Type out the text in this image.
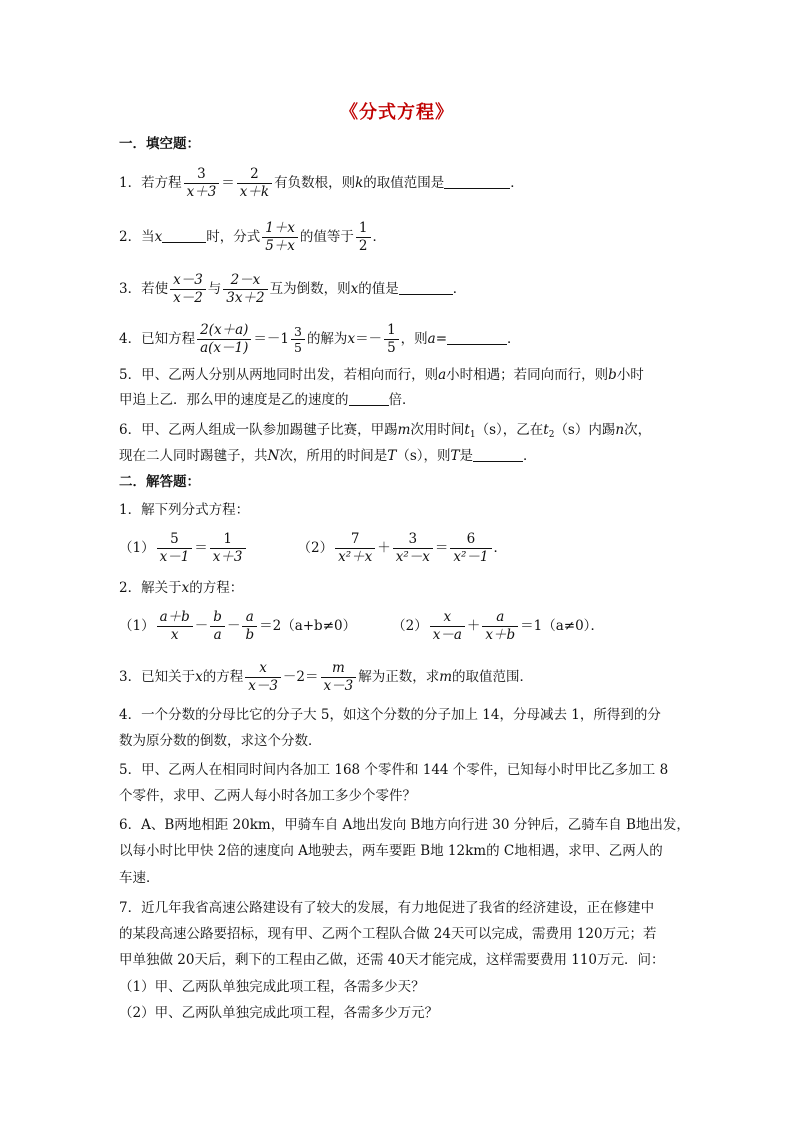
《分式方程》
一．填空题：
1．若方程 $\frac{3}{x+3} = \frac{2}{x+k}$ 有负数根，则k的取值范围是	．
2．当x	时，分式 $\frac{1+x}{5+x}$ 的值等于 $\frac{1}{2}$ ．
3．若使 $\frac{x-3}{x-2}$ 与 $\frac{2-x}{3x+2}$ 互为倒数，则x的值是	．
4．已知方程 $\frac{2(x+a)}{a(x-1)} =-1 \frac{3}{5}$ 的解为$x=- \frac{1}{5}$ ，则a=	．
5．甲、乙两人分别从两地同时出发，若相向而行，则a小时相遇；若同向而行，则b小时
甲追上乙．那么甲的速度是乙的速度的	倍．
6．甲、乙两人组成一队参加踢毽子比赛，甲踢m次用时间$t_1(s)$，乙在$t_2(s)$内踢n次，
现在二人同时踢毽子，共N次，所用的时间是T（s），则T是	．
二．解答题：
1．解下列分式方程：
$(1) \frac{5}{x-1} = \frac{1}{x+3}$	$(2) \frac{7}{\text{x²＋x}} + \frac{3}{\text{x²－x}} = \frac{6}{\text{x²－1}}$ ．
2．解关于x的方程：
$(1) \frac{a+b}{x} - \frac{b}{a} - \frac{a}{b} =2(a+b\ne 0)$	$(2) \frac{x}{x-a} + \frac{a}{x+b} =1(a\ne 0)$．
3．已知关于x的方程 $\frac{x}{x-3} -2= \frac{m}{x-3}$ 解为正数，求m的取值范围．
4．一个分数的分母比它的分子大 5，如这个分数的分子加上 14，分母减去 1，所得到的分
数为原分数的倒数，求这个分数．
5．甲、乙两人在相同时间内各加工 168 个零件和 144 个零件，已知每小时甲比乙多加工 8
个零件，求甲、乙两人每小时各加工多少个零件？
6．A、B两地相距 20km，甲骑车自 A地出发向 B地方向行进 30 分钟后，乙骑车自 B地出发，
以每小时比甲快 2倍的速度向 A地驶去，两车要距 B地 12km的 C地相遇，求甲、乙两人的
车速．
7．近几年我省高速公路建设有了较大的发展，有力地促进了我省的经济建设，正在修建中
的某段高速公路要招标，现有甲、乙两个工程队合做 24天可以完成，需费用 120万元；若
甲单独做 20天后，剩下的工程由乙做，还需 40天才能完成，这样需要费用 110万元．问：
（1）甲、乙两队单独完成此项工程，各需多少天？
（2）甲、乙两队单独完成此项工程，各需多少万元？
